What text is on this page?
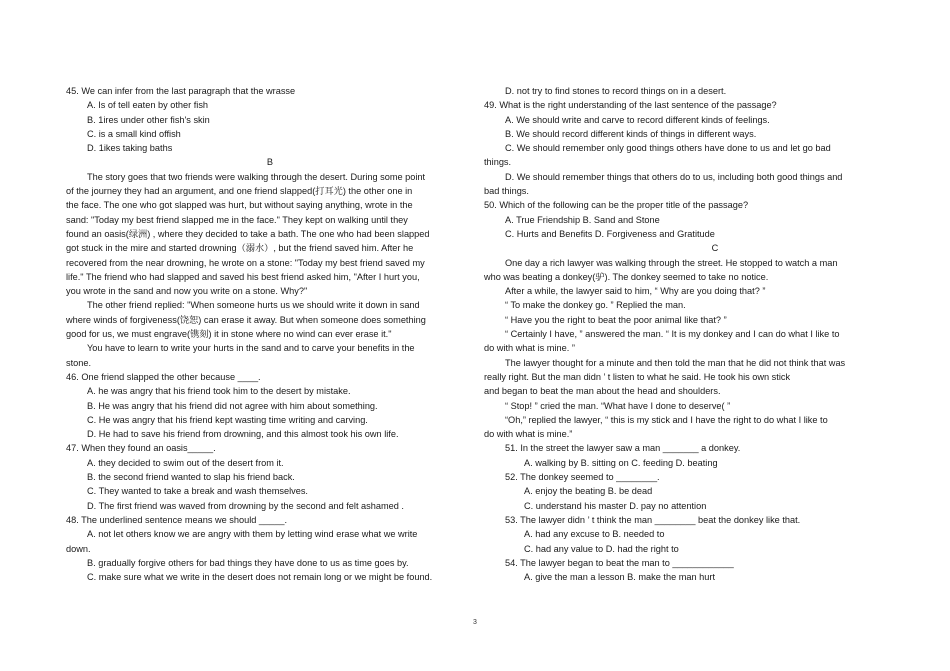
45. We can infer from the last paragraph that the wrasse
A. Is of tell eaten by other fish
B. 1ires under other fish's skin
C. is a small kind offish
D. 1ikes taking baths
B
The story goes that two friends were walking through the desert. During some point
of the journey they had an argument, and one friend slapped(打耳光) the other one in
the face. The one who got slapped was hurt, but without saying anything, wrote in the
sand: "Today my best friend slapped me in the face." They kept on walking until they
found an oasis(绿洲) , where they decided to take a bath. The one who had been slapped
got stuck in the mire and started drowning（溺水）, but the friend saved him. After he
recovered from the near drowning, he wrote on a stone: "Today my best friend saved my
life." The friend who had slapped and saved his best friend asked him, "After I hurt you,
you wrote in the sand and now you write on a stone. Why?"
The other friend replied: "When someone hurts us we should write it down in sand
where winds of forgiveness(饶恕) can erase it away. But when someone does something
good for us, we must engrave(镌刻) it in stone where no wind can ever erase it."
You have to learn to write your hurts in the sand and to carve your benefits in the
stone.
46. One friend slapped the other because ____.
A. he was angry that his friend took him to the desert by mistake.
B. He was angry that his friend did not agree with him about something.
C. He was angry that his friend kept wasting time writing and carving.
D. He had to save his friend from drowning, and this almost took his own life.
47. When they found an oasis_____.
A. they decided to swim out of the desert from it.
B. the second friend wanted to slap his friend back.
C. They wanted to take a break and wash themselves.
D. The first friend was waved from drowning by the second and felt ashamed .
48. The underlined sentence means we should _____.
A. not let others know we are angry with them by letting wind erase what we write
down.
B. gradually forgive others for bad things they have done to us as time goes by.
C. make sure what we write in the desert does not remain long or we might be found.
D. not try to find stones to record things on in a desert.
49. What is the right understanding of the last sentence of the passage?
A. We should write and carve to record different kinds of feelings.
B. We should record different kinds of things in different ways.
C. We should remember only good things others have done to us and let go bad
things.
D. We should remember things that others do to us, including both good things and
bad things.
50. Which of the following can be the proper title of the passage?
A. True Friendship B. Sand and Stone
C. Hurts and Benefits D. Forgiveness and Gratitude
C
One day a rich lawyer was walking through the street. He stopped to watch a man
who was beating a donkey(驴). The donkey seemed to take no notice.
After a while, the lawyer said to him, “ Why are you doing that? ”
“ To make the donkey go. ” Replied the man.
“ Have you the right to beat the poor animal like that? ”
“ Certainly I have, ” answered the man. “ It is my donkey and I can do what I like to
do with what is mine. ”
The lawyer thought for a minute and then told the man that he did not think that was
really right. But the man didn ’ t listen to what he said. He took his own stick
and began to beat the man about the head and shoulders.
“ Stop! ” cried the man. “What have I done to deserve( ”
“Oh,” replied the lawyer, “ this is my stick and I have the right to do what I like to
do with what is mine.”
51. In the street the lawyer saw a man _______ a donkey.
A. walking by B. sitting on C. feeding D. beating
52. The donkey seemed to ________.
A. enjoy the beating B. be dead
C. understand his master D. pay no attention
53. The lawyer didn ’ t think the man ________ beat the donkey like that.
A. had any excuse to B. needed to
C. had any value to D. had the right to
54. The lawyer began to beat the man to ____________
A. give the man a lesson B. make the man hurt
3
